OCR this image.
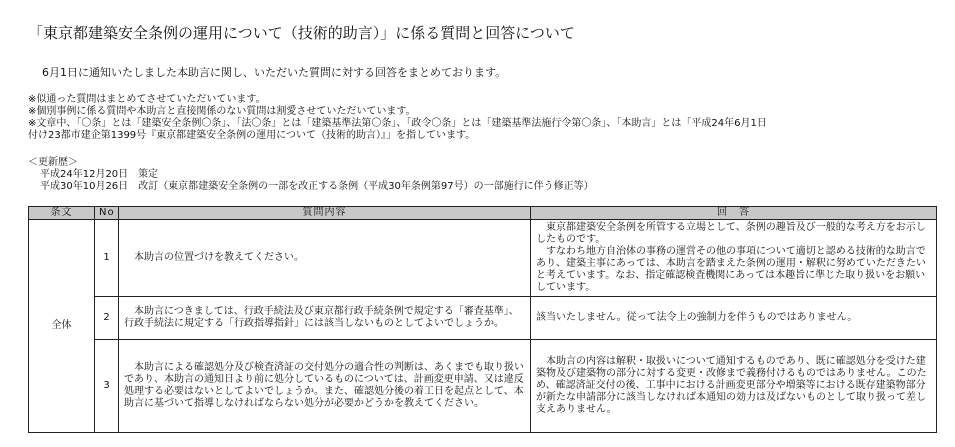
「東京都建築安全条例の運用について（技術的助言）」に係る質問と回答について
6月1日に通知いたしました本助言に関し、いただいた質問に対する回答をまとめております。
※似通った質問はまとめてさせていただいています。
※個別事例に係る質問や本助言と直接関係のない質問は割愛させていただいています。
※文章中、「〇条」とは「建築安全条例〇条」、「法〇条」とは「建築基準法第〇条」、「政令〇条」とは「建築基準法施行令第〇条」、「本助言」とは「平成24年6月1日
付け23都市建企第1399号『東京都建築安全条例の運用について（技術的助言）』」を指しています。
＜更新歴＞
平成24年12月20日　策定
平成30年10月26日　改訂（東京都建築安全条例の一部を改正する条例（平成30年条例第97号）の一部施行に伴う修正等）
条文	No	質問内容	回　答
全体	1	　本助言の位置づけを教えてください。	　東京都建築安全条例を所管する立場として、条例の趣旨及び一般的な考え方をお示ししたものです。
　すなわち地方自治体の事務の運営その他の事項について適切と認める技術的な助言であり、建築主事にあっては、本助言を踏まえた条例の運用・解釈に努めていただきたいと考えています。なお、指定確認検査機関にあっては本趣旨に準じた取り扱いをお願いしています。
	2	　本助言につきましては、行政手続法及び東京都行政手続条例で規定する「審査基準」、行政手続法に規定する「行政指導指針」には該当しないものとしてよいでしょうか。	該当いたしません。従って法令上の強制力を伴うものではありません。
	3	　本助言による確認処分及び検査済証の交付処分の適合性の判断は、あくまでも取り扱いであり、本助言の通知日より前に処分しているものについては、計画変更申請、又は違反処理する必要はないとしてよいでしょうか。また、確認処分後の着工日を起点として、本助言に基づいて指導しなければならない処分が必要かどうかを教えてください。	　本助言の内容は解釈・取扱いについて通知するものであり、既に確認処分を受けた建築物及び建築物の部分に対する変更・改修まで義務付けるものではありません。このため、確認済証交付の後、工事中における計画変更部分や増築等における既存建築物部分が新たな申請部分に該当しなければ本通知の効力は及ばないものとして取り扱って差し支えありません。
